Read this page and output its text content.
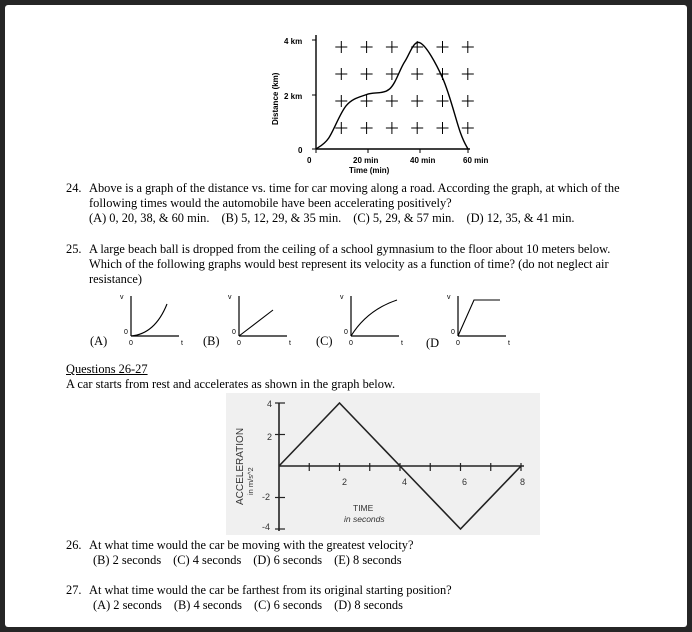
4 km
2 km
0
0	20 min	40 min	60 min
Time (min)
Distance (km)
24. Above is a graph of the distance vs. time for car moving along a road. According the graph, at which of the
following times would the automobile have been accelerating positively?
(A) 0, 20, 38, & 60 min. (B) 5, 12, 29, & 35 min. (C) 5, 29, & 57 min. (D) 12, 35, & 41 min.
25. A large beach ball is dropped from the ceiling of a school gymnasium to the floor about 10 meters below.
Which of the following graphs would best represent its velocity as a function of time? (do not neglect air
resistance)
(A)
v
0
0	t (B)
v
0
0	t (C)
v
0
0	t (D
v
0
0	t
Questions 26-27
A car starts from rest and accelerates as shown in the graph below.
4
2
-2
-4
2	4	6	8
TIME
in seconds
ACCELERATION in m/s^2
26. At what time would the car be moving with the greatest velocity?
(B) 2 seconds (C) 4 seconds (D) 6 seconds (E) 8 seconds
27. At what time would the car be farthest from its original starting position?
(A) 2 seconds (B) 4 seconds (C) 6 seconds (D) 8 seconds
